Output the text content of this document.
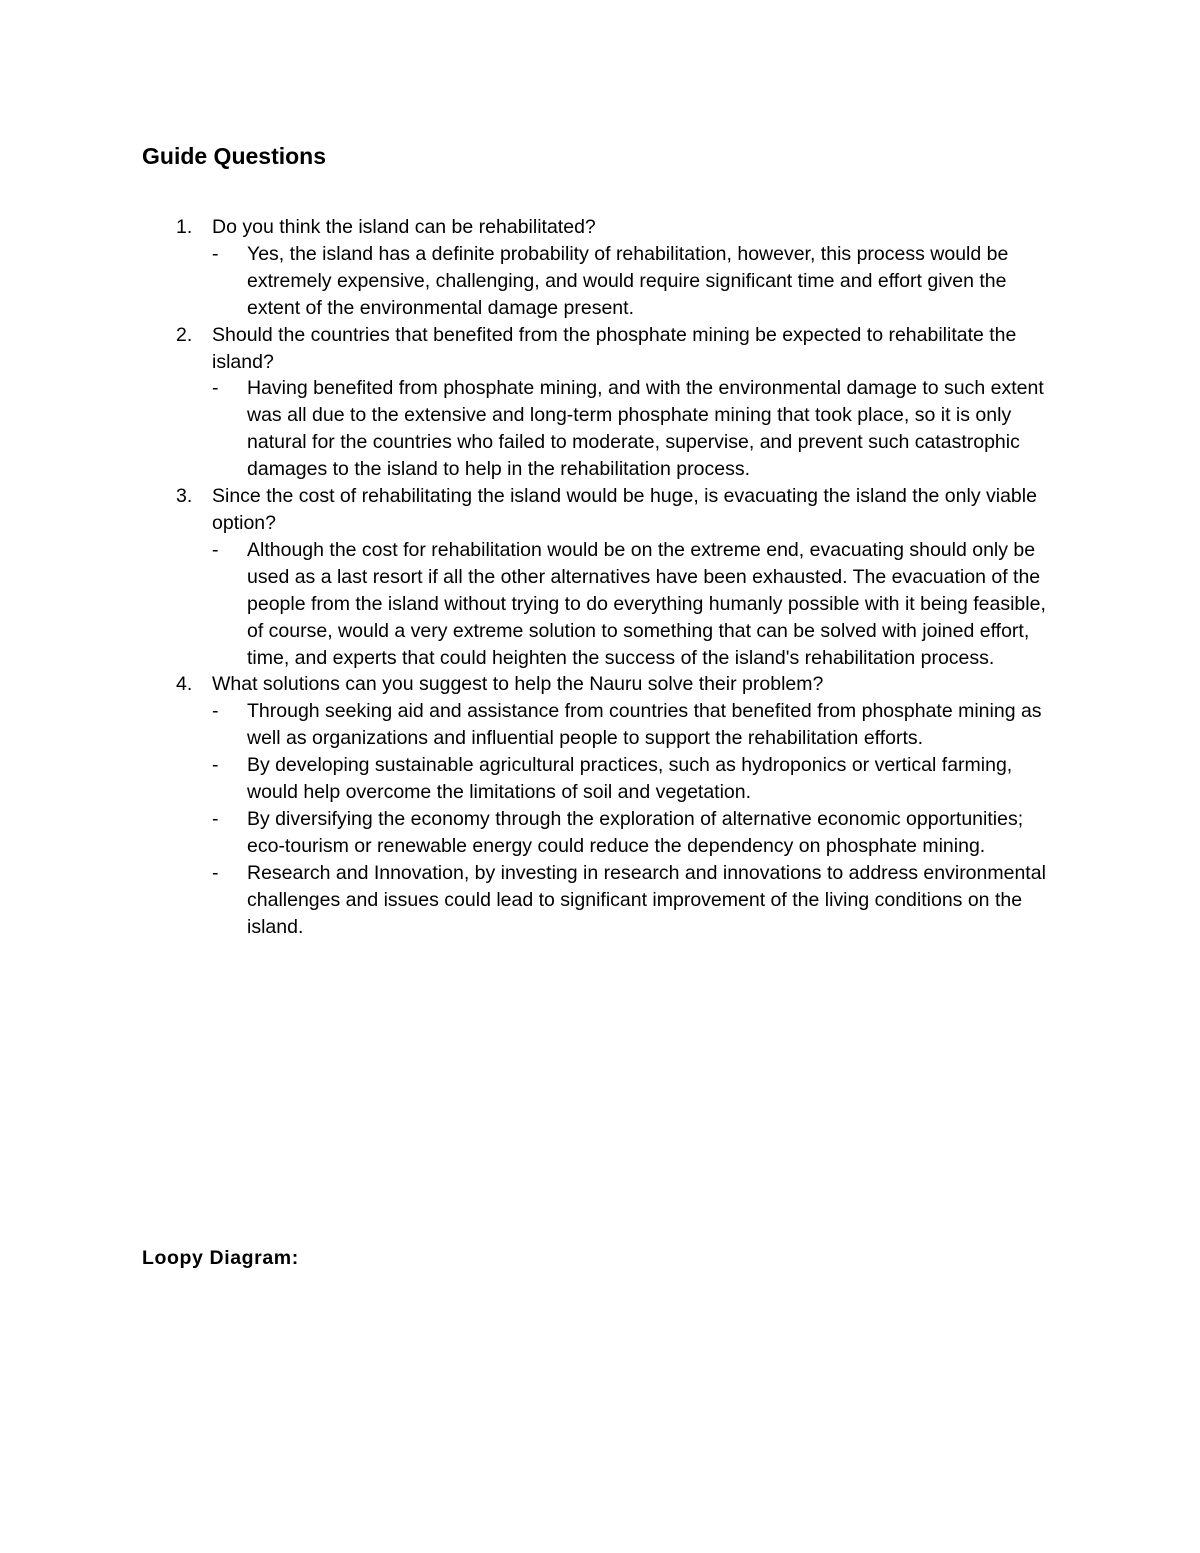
Guide Questions
1. Do you think the island can be rehabilitated?
- Yes, the island has a definite probability of rehabilitation, however, this process would be extremely expensive, challenging, and would require significant time and effort given the extent of the environmental damage present.
2. Should the countries that benefited from the phosphate mining be expected to rehabilitate the island?
- Having benefited from phosphate mining, and with the environmental damage to such extent was all due to the extensive and long-term phosphate mining that took place, so it is only natural for the countries who failed to moderate, supervise, and prevent such catastrophic damages to the island to help in the rehabilitation process.
3. Since the cost of rehabilitating the island would be huge, is evacuating the island the only viable option?
- Although the cost for rehabilitation would be on the extreme end, evacuating should only be used as a last resort if all the other alternatives have been exhausted. The evacuation of the people from the island without trying to do everything humanly possible with it being feasible, of course, would a very extreme solution to something that can be solved with joined effort, time, and experts that could heighten the success of the island's rehabilitation process.
4. What solutions can you suggest to help the Nauru solve their problem?
- Through seeking aid and assistance from countries that benefited from phosphate mining as well as organizations and influential people to support the rehabilitation efforts.
- By developing sustainable agricultural practices, such as hydroponics or vertical farming, would help overcome the limitations of soil and vegetation.
- By diversifying the economy through the exploration of alternative economic opportunities; eco-tourism or renewable energy could reduce the dependency on phosphate mining.
- Research and Innovation, by investing in research and innovations to address environmental challenges and issues could lead to significant improvement of the living conditions on the island.
Loopy Diagram:
